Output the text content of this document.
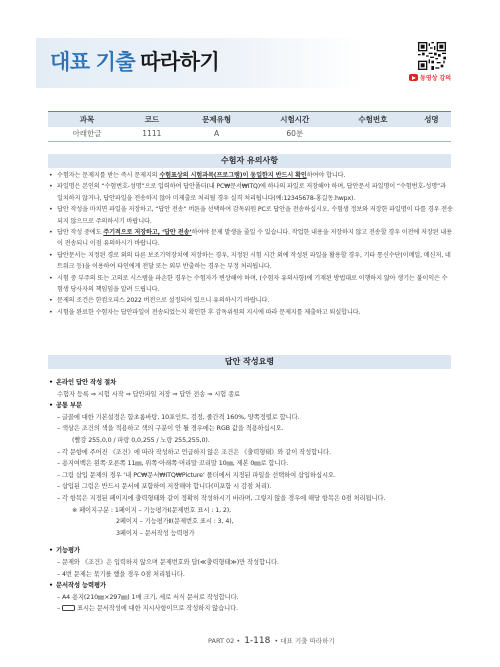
대표 기출 따라하기
동영상 강의
과목	코드	문제유형	시험시간	수험번호	성명
아래한글	1111	A	60분		
수험자 유의사항
• 수험자는 문제지를 받는 즉시 문제지의 수험표상의 시험과목(프로그램)이 동일한지 반드시 확인하여야 합니다.
• 파일명은 본인의 “수험번호-성명”으로 입력하여 답안폴더(내 PC₩문서₩ITQ)에 하나의 파일로 저장해야 하며, 답안문서 파일명이 “수험번호-성명”과 일치하지 않거나, 답안파일을 전송하지 않아 미제출로 처리될 경우 실격 처리됩니다(예:12345678-홍길동.hwpx).
• 답안 작성을 마치면 파일을 저장하고, “답안 전송” 버튼을 선택하여 감독위원 PC로 답안을 전송하십시오. 수험생 정보와 저장한 파일명이 다를 경우 전송되지 않으므로 주의하시기 바랍니다.
• 답안 작성 중에도 주기적으로 저장하고, ‘답안 전송’하여야 문제 발생을 줄일 수 있습니다. 작업한 내용을 저장하지 않고 전송할 경우 이전에 저장된 내용이 전송되니 이점 유의하시기 바랍니다.
• 답안문서는 지정된 경로 외의 다른 보조기억장치에 저장하는 경우, 지정된 시험 시간 외에 작성된 파일을 활용할 경우, 기타 통신수단(이메일, 메신저, 네트워크 등)을 이용하여 타인에게 전달 또는 외부 반출하는 경우는 부정 처리됩니다.
• 시험 중 부주의 또는 고의로 시스템을 파손한 경우는 수험자가 변상해야 하며, (수험자 유의사항)에 기재된 방법대로 이행하지 않아 생기는 불이익은 수험생 당사자의 책임임을 알려 드립니다.
• 문제의 조건은 한컴오피스 2022 버전으로 설정되어 있으니 유의하시기 바랍니다.
• 시험을 완료한 수험자는 답안파일이 전송되었는지 확인한 후 감독위원의 지시에 따라 문제지를 제출하고 퇴실합니다.
답안 작성요령
• 온라인 답안 작성 절차
수험자 등록 ⇒ 시험 시작 ⇒ 답안파일 저장 ⇒ 답안 전송 ⇒ 시험 종료
• 공통 부문
– 글꼴에 대한 기본설정은 함초롬바탕, 10포인트, 검정, 줄간격 160%, 양쪽정렬로 합니다.
– 색상은 조건의 색을 적용하고 색의 구분이 안 될 경우에는 RGB 값을 적용하십시오.
(빨강 255,0,0 / 파랑 0,0,255 / 노랑 255,255,0).
– 각 문항에 주어진 《조건》에 따라 작성하고 언급하지 않은 조건은 《출력형태》와 같이 작성합니다.
– 용지여백은 왼쪽·오른쪽 11㎜, 위쪽·아래쪽·머리말·꼬리말 10㎜, 제본 0㎜로 합니다.
– 그림 삽입 문제의 경우 ‘내 PC₩문서₩ITQ₩Picture’ 폴더에서 지정된 파일을 선택하여 삽입하십시오.
– 삽입된 그림은 반드시 문서에 포함하여 저장해야 합니다(미포함 시 감점 처리).
– 각 항목은 지정된 페이지에 출력형태와 같이 정확히 작성하시기 바라며, 그렇지 않을 경우에 해당 항목은 0점 처리됩니다.
※ 페이지구분 : 1페이지 – 기능평가Ⅰ(문제번호 표시 : 1, 2),
2페이지 – 기능평가Ⅱ(문제번호 표시 : 3, 4),
3페이지 – 문서작성 능력평가
• 기능평가
– 문제와 《조건》은 입력하지 않으며 문제번호와 답(≪출력형태≫)만 작성합니다.
– 4번 문제는 묶기를 했을 경우 0점 처리됩니다.
• 문서작성 능력평가
– A4 용지(210㎜×297㎜) 1매 크기, 세로 서식 문서로 작성합니다.
–	표시는 문서작성에 대한 지시사항이므로 작성하지 않습니다.
PART 02 • 1-118 • 대표 기출 따라하기
